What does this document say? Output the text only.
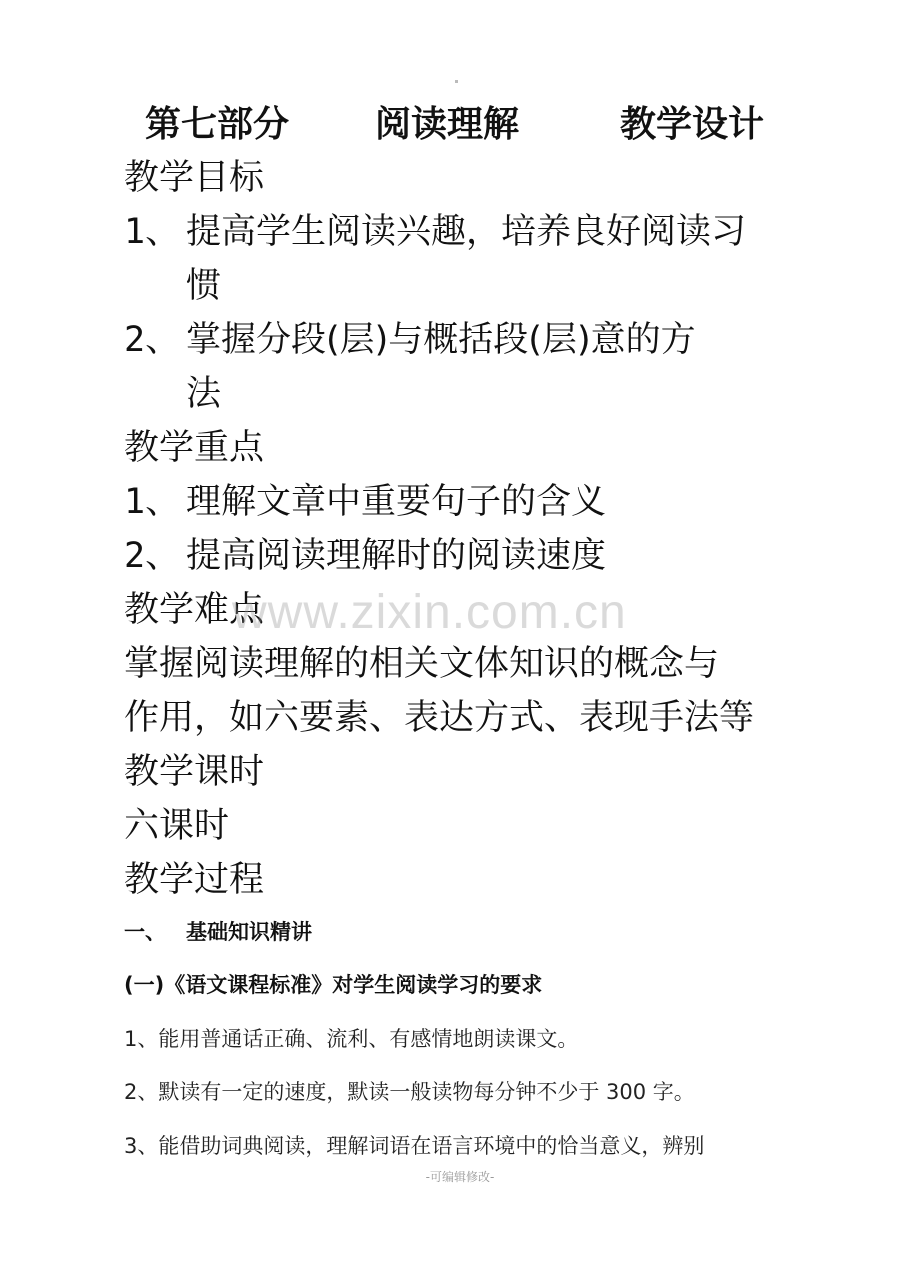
第七部分 阅读理解	教学设计
教学目标
1、 提高学生阅读兴趣，培养良好阅读习
惯
2、 掌握分段(层)与概括段(层)意的方
法
教学重点
1、 理解文章中重要句子的含义
2、 提高阅读理解时的阅读速度
教学难点
掌握阅读理解的相关文体知识的概念与
作用，如六要素、表达方式、表现手法等
教学课时
六课时
教学过程
一、 基础知识精讲
(一)《语文课程标准》对学生阅读学习的要求
1、能用普通话正确、流利、有感情地朗读课文。
2、默读有一定的速度，默读一般读物每分钟不少于 300 字。
3、能借助词典阅读，理解词语在语言环境中的恰当意义，辨别
www.zixin.com.cn
-可编辑修改-
